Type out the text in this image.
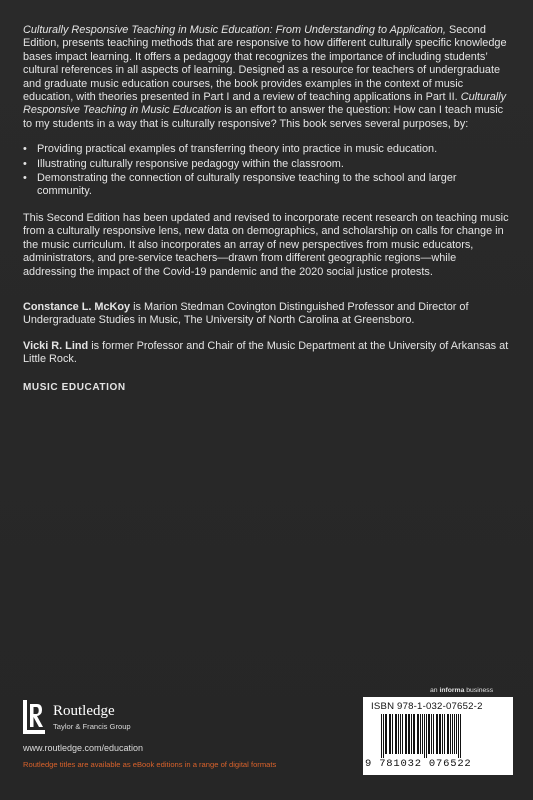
Culturally Responsive Teaching in Music Education: From Understanding to Application, Second Edition, presents teaching methods that are responsive to how different culturally specific knowledge bases impact learning. It offers a pedagogy that recognizes the importance of including students’ cultural references in all aspects of learning. Designed as a resource for teachers of undergraduate and graduate music education courses, the book provides examples in the context of music education, with theories presented in Part I and a review of teaching applications in Part II. Culturally Responsive Teaching in Music Education is an effort to answer the question: How can I teach music to my students in a way that is culturally responsive? This book serves several purposes, by:

• Providing practical examples of transferring theory into practice in music education.
• Illustrating culturally responsive pedagogy within the classroom.
• Demonstrating the connection of culturally responsive teaching to the school and larger community.

This Second Edition has been updated and revised to incorporate recent research on teaching music from a culturally responsive lens, new data on demographics, and scholarship on calls for change in the music curriculum. It also incorporates an array of new perspectives from music educators, administrators, and pre-service teachers—drawn from different geographic regions—while addressing the impact of the Covid-19 pandemic and the 2020 social justice protests.

Constance L. McKoy is Marion Stedman Covington Distinguished Professor and Director of Undergraduate Studies in Music, The University of North Carolina at Greensboro.

Vicki R. Lind is former Professor and Chair of the Music Department at the University of Arkansas at Little Rock.

MUSIC EDUCATION
an informa business
Routledge
Taylor & Francis Group
www.routledge.com/education
Routledge titles are available as eBook editions in a range of digital formats
ISBN 978-1-032-07652-2
9 781032 076522
